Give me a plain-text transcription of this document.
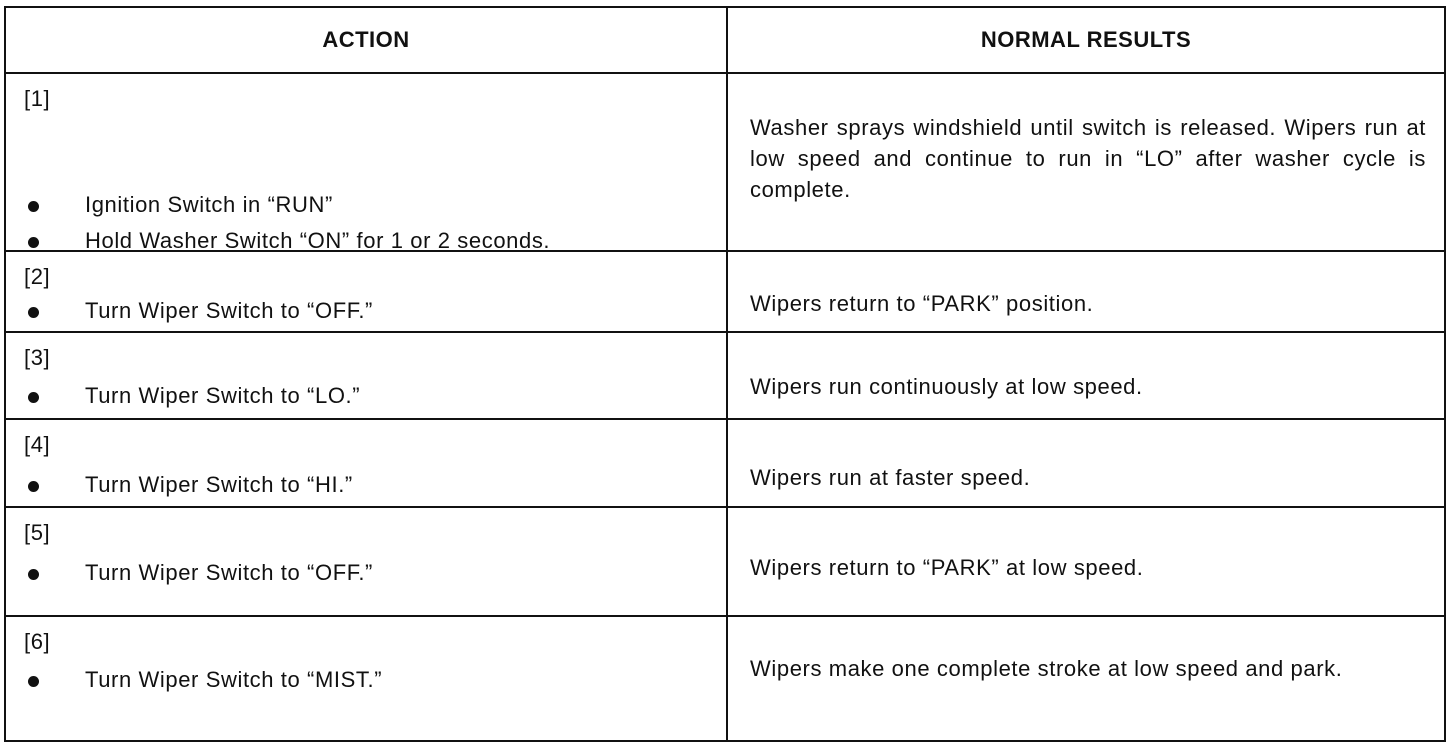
ACTION	NORMAL RESULTS

[1]
Ignition Switch in “RUN”
Hold Washer Switch “ON” for 1 or 2 seconds.	Washer sprays windshield until switch is released. Wipers run at low speed and continue to run in “LO” after washer cycle is complete.

[2]
Turn Wiper Switch to “OFF.”	Wipers return to “PARK” position.

[3]
Turn Wiper Switch to “LO.”	Wipers run continuously at low speed.

[4]
Turn Wiper Switch to “HI.”	Wipers run at faster speed.

[5]
Turn Wiper Switch to “OFF.”	Wipers return to “PARK” at low speed.

[6]
Turn Wiper Switch to “MIST.”	Wipers make one complete stroke at low speed and park.
